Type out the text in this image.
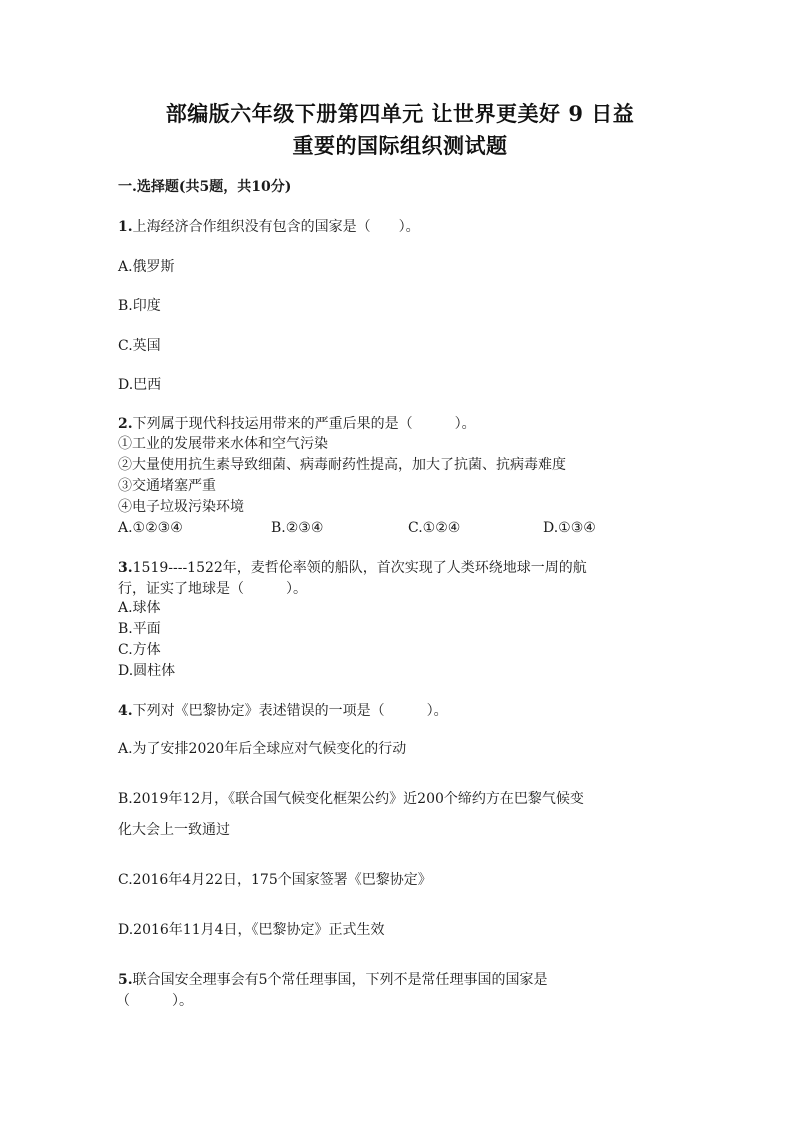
部编版六年级下册第四单元 让世界更美好 9 日益
重要的国际组织测试题
一.选择题(共5题，共10分)
1.上海经济合作组织没有包含的国家是（　　）。
A.俄罗斯
B.印度
C.英国
D.巴西
2.下列属于现代科技运用带来的严重后果的是（　　　）。
①工业的发展带来水体和空气污染
②大量使用抗生素导致细菌、病毒耐药性提高，加大了抗菌、抗病毒难度
③交通堵塞严重
④电子垃圾污染环境
A.①②③④	B.②③④	C.①②④	D.①③④
3.1519----1522年，麦哲伦率领的船队，首次实现了人类环绕地球一周的航
行，证实了地球是（　　　）。
A.球体
B.平面
C.方体
D.圆柱体
4.下列对《巴黎协定》表述错误的一项是（　　　）。
A.为了安排2020年后全球应对气候变化的行动
B.2019年12月，《联合国气候变化框架公约》近200个缔约方在巴黎气候变
化大会上一致通过
C.2016年4月22日，175个国家签署《巴黎协定》
D.2016年11月4日，《巴黎协定》正式生效
5.联合国安全理事会有5个常任理事国，下列不是常任理事国的国家是
（　　　）。
